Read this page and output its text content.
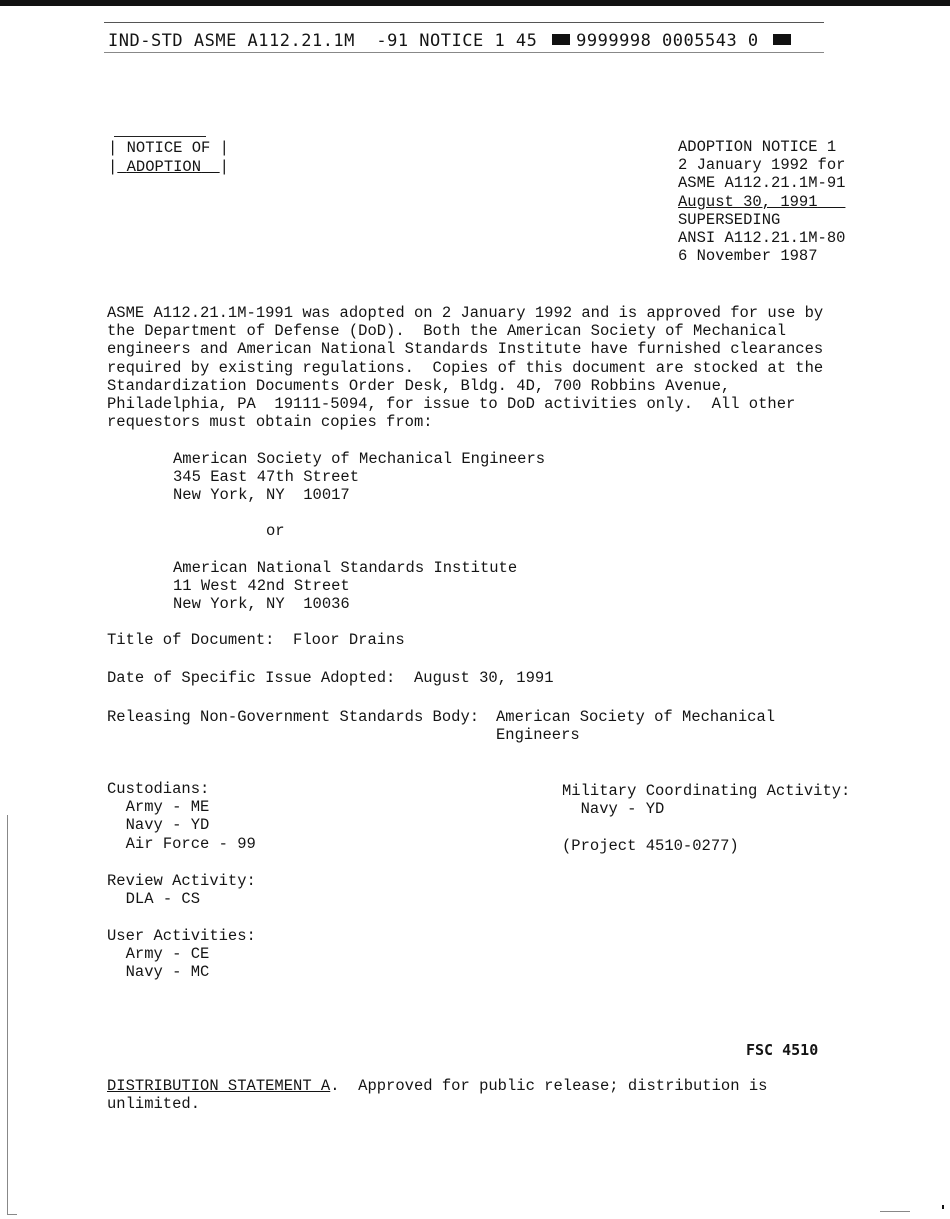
IND-STD ASME A112.21.1M  -91 NOTICE 1 45 9999998 0005543 0
| NOTICE OF |
| ADOPTION |
ADOPTION NOTICE 1
2 January 1992 for
ASME A112.21.1M-91
August 30, 1991
SUPERSEDING
ANSI A112.21.1M-80
6 November 1987
ASME A112.21.1M-1991 was adopted on 2 January 1992 and is approved for use by
the Department of Defense (DoD).  Both the American Society of Mechanical
engineers and American National Standards Institute have furnished clearances
required by existing regulations.  Copies of this document are stocked at the
Standardization Documents Order Desk, Bldg. 4D, 700 Robbins Avenue,
Philadelphia, PA  19111-5094, for issue to DoD activities only.  All other
requestors must obtain copies from:
American Society of Mechanical Engineers
345 East 47th Street
New York, NY  10017
or
American National Standards Institute
11 West 42nd Street
New York, NY  10036
Title of Document: Floor Drains
Date of Specific Issue Adopted: August 30, 1991
Releasing Non-Government Standards Body: American Society of Mechanical
Engineers
Custodians:
Army - ME
Navy - YD
Air Force - 99
Review Activity:
DLA - CS
User Activities:
Army - CE
Navy - MC
Military Coordinating Activity:
Navy - YD
(Project 4510-0277)
FSC 4510
DISTRIBUTION STATEMENT A.  Approved for public release; distribution is
unlimited.
